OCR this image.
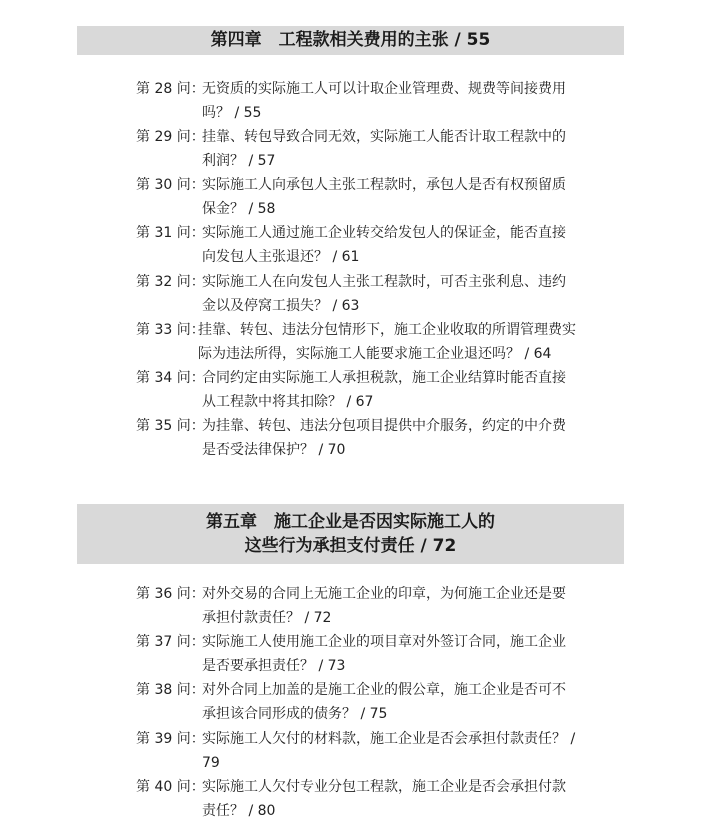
第四章　工程款相关费用的主张 / 55
第 28 问：
无资质的实际施工人可以计取企业管理费、规费等间接费用吗？ / 55
第 29 问：
挂靠、转包导致合同无效，实际施工人能否计取工程款中的利润？ / 57
第 30 问：
实际施工人向承包人主张工程款时，承包人是否有权预留质保金？ / 58
第 31 问：
实际施工人通过施工企业转交给发包人的保证金，能否直接向发包人主张退还？ / 61
第 32 问：
实际施工人在向发包人主张工程款时，可否主张利息、违约金以及停窝工损失？ / 63
第 33 问：
挂靠、转包、违法分包情形下，施工企业收取的所谓管理费实际为违法所得，实际施工人能要求施工企业退还吗？ / 64
第 34 问：
合同约定由实际施工人承担税款，施工企业结算时能否直接从工程款中将其扣除？ / 67
第 35 问：
为挂靠、转包、违法分包项目提供中介服务，约定的中介费是否受法律保护？ / 70
第五章　施工企业是否因实际施工人的
这些行为承担支付责任 / 72
第 36 问：
对外交易的合同上无施工企业的印章，为何施工企业还是要承担付款责任？ / 72
第 37 问：
实际施工人使用施工企业的项目章对外签订合同，施工企业是否要承担责任？ / 73
第 38 问：
对外合同上加盖的是施工企业的假公章，施工企业是否可不承担该合同形成的债务？ / 75
第 39 问：
实际施工人欠付的材料款，施工企业是否会承担付款责任？ / 79
第 40 问：
实际施工人欠付专业分包工程款，施工企业是否会承担付款责任？ / 80
